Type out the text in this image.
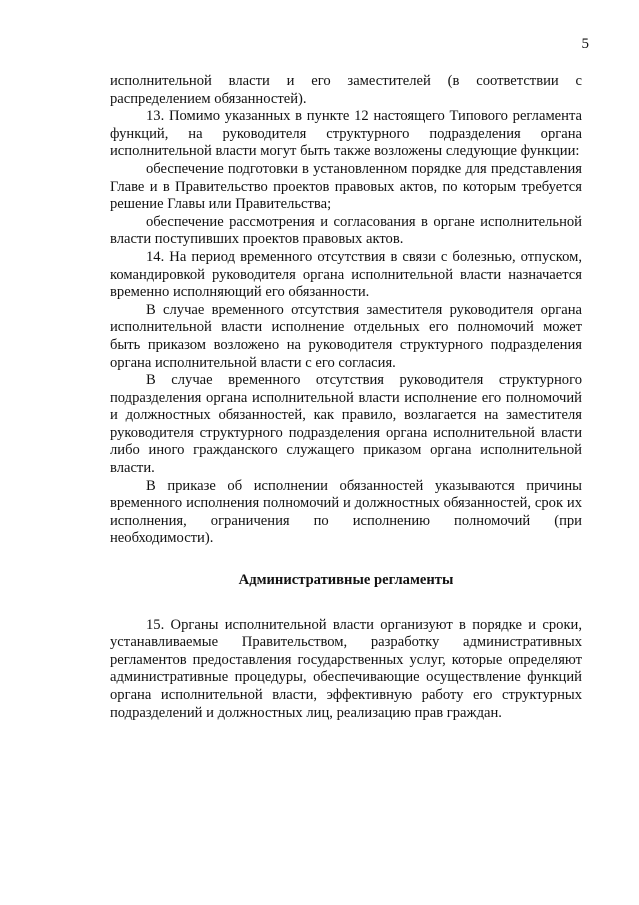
5

исполнительной власти и его заместителей (в соответствии с распределением обязанностей).

13. Помимо указанных в пункте 12 настоящего Типового регламента функций, на руководителя структурного подразделения органа исполнительной власти могут быть также возложены следующие функции:

обеспечение подготовки в установленном порядке для представления Главе и в Правительство проектов правовых актов, по которым требуется решение Главы или Правительства;

обеспечение рассмотрения и согласования в органе исполнительной власти поступивших проектов правовых актов.

14. На период временного отсутствия в связи с болезнью, отпуском, командировкой руководителя органа исполнительной власти назначается временно исполняющий его обязанности.

В случае временного отсутствия заместителя руководителя органа исполнительной власти исполнение отдельных его полномочий может быть приказом возложено на руководителя структурного подразделения органа исполнительной власти с его согласия.

В случае временного отсутствия руководителя структурного подразделения органа исполнительной власти исполнение его полномочий и должностных обязанностей, как правило, возлагается на заместителя руководителя структурного подразделения органа исполнительной власти либо иного гражданского служащего приказом органа исполнительной власти.

В приказе об исполнении обязанностей указываются причины временного исполнения полномочий и должностных обязанностей, срок их исполнения, ограничения по исполнению полномочий (при необходимости).

Административные регламенты

15. Органы исполнительной власти организуют в порядке и сроки, устанавливаемые Правительством, разработку административных регламентов предоставления государственных услуг, которые определяют административные процедуры, обеспечивающие осуществление функций органа исполнительной власти, эффективную работу его структурных подразделений и должностных лиц, реализацию прав граждан.
